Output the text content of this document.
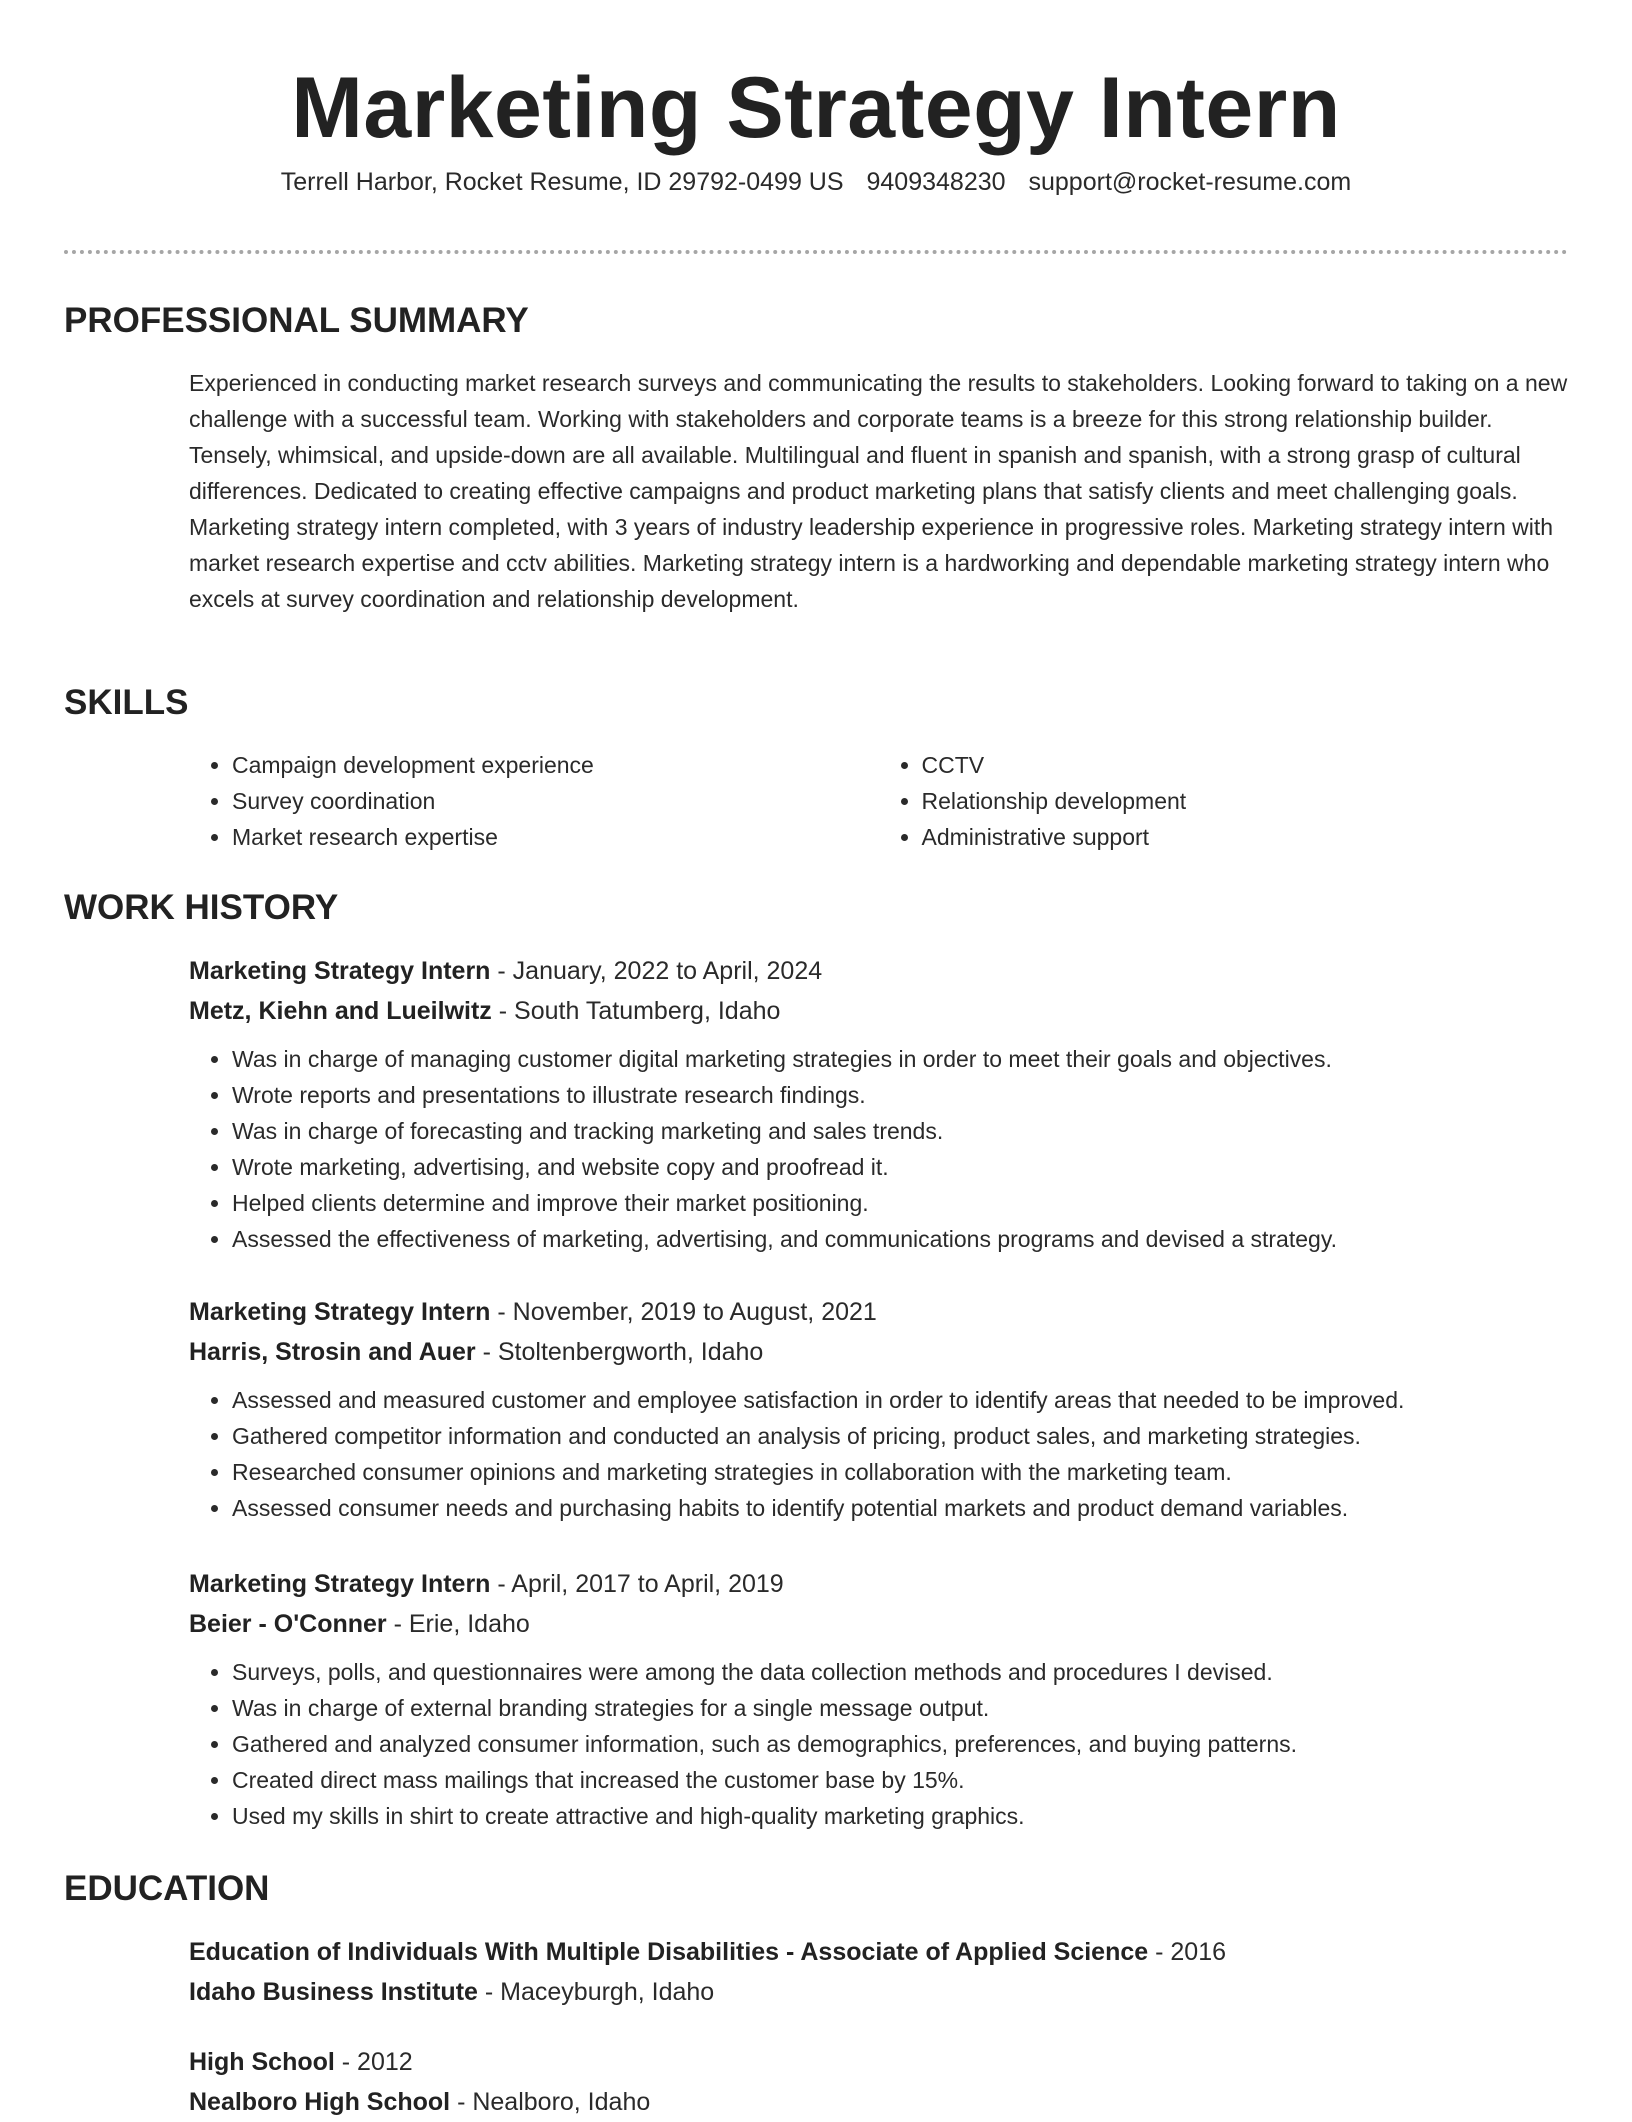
Marketing Strategy Intern

Terrell Harbor, Rocket Resume, ID 29792-0499 US 9409348230 support@rocket-resume.com

PROFESSIONAL SUMMARY

Experienced in conducting market research surveys and communicating the results to stakeholders. Looking forward to taking on a new challenge with a successful team. Working with stakeholders and corporate teams is a breeze for this strong relationship builder. Tensely, whimsical, and upside-down are all available. Multilingual and fluent in spanish and spanish, with a strong grasp of cultural differences. Dedicated to creating effective campaigns and product marketing plans that satisfy clients and meet challenging goals. Marketing strategy intern completed, with 3 years of industry leadership experience in progressive roles. Marketing strategy intern with market research expertise and cctv abilities. Marketing strategy intern is a hardworking and dependable marketing strategy intern who excels at survey coordination and relationship development.

SKILLS
• Campaign development experience
• Survey coordination
• Market research expertise
• CCTV
• Relationship development
• Administrative support
WORK HISTORY

Marketing Strategy Intern - January, 2022 to April, 2024

Metz, Kiehn and Lueilwitz - South Tatumberg, Idaho

• Was in charge of managing customer digital marketing strategies in order to meet their goals and objectives.
• Wrote reports and presentations to illustrate research findings.
• Was in charge of forecasting and tracking marketing and sales trends.
• Wrote marketing, advertising, and website copy and proofread it.
• Helped clients determine and improve their market positioning.
• Assessed the effectiveness of marketing, advertising, and communications programs and devised a strategy.

Marketing Strategy Intern - November, 2019 to August, 2021

Harris, Strosin and Auer - Stoltenbergworth, Idaho

• Assessed and measured customer and employee satisfaction in order to identify areas that needed to be improved.
• Gathered competitor information and conducted an analysis of pricing, product sales, and marketing strategies.
• Researched consumer opinions and marketing strategies in collaboration with the marketing team.
• Assessed consumer needs and purchasing habits to identify potential markets and product demand variables.

Marketing Strategy Intern - April, 2017 to April, 2019

Beier - O'Conner - Erie, Idaho

• Surveys, polls, and questionnaires were among the data collection methods and procedures I devised.
• Was in charge of external branding strategies for a single message output.
• Gathered and analyzed consumer information, such as demographics, preferences, and buying patterns.
• Created direct mass mailings that increased the customer base by 15%.
• Used my skills in shirt to create attractive and high-quality marketing graphics.
EDUCATION

Education of Individuals With Multiple Disabilities - Associate of Applied Science - 2016

Idaho Business Institute - Maceyburgh, Idaho

High School - 2012

Nealboro High School - Nealboro, Idaho
